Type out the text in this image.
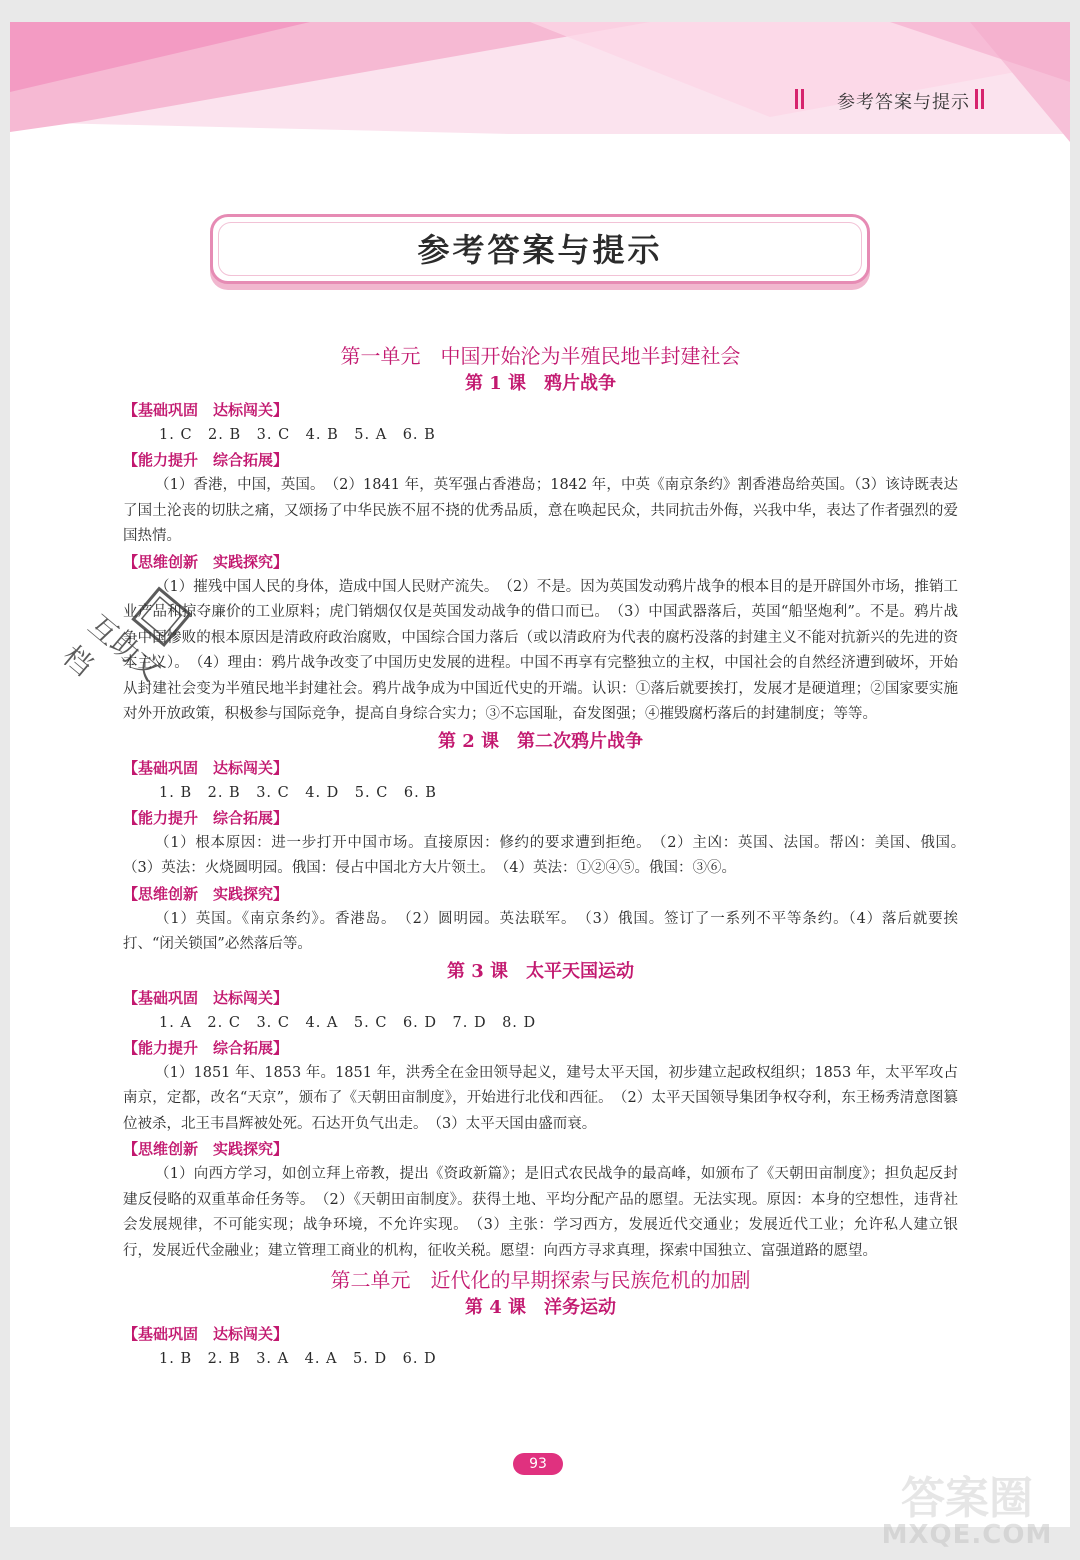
参考答案与提示
参考答案与提示
第一单元　中国开始沦为半殖民地半封建社会
第 1 课　鸦片战争
【基础巩固　达标闯关】
1. C　2. B　3. C　4. B　5. A　6. B
【能力提升　综合拓展】

（1）香港，中国，英国。　（2）1841 年，英军强占香港岛；1842 年，中英《南京条约》割香港岛给英国。（3）该诗既表达了国土沦丧的切肤之痛，又颂扬了中华民族不屈不挠的优秀品质，意在唤起民众，共同抗击外侮，兴我中华，表达了作者强烈的爱国热情。

【思维创新　实践探究】

（1）摧残中国人民的身体，造成中国人民财产流失。　（2）不是。因为英国发动鸦片战争的根本目的是开辟国外市场，推销工业产品和掠夺廉价的工业原料；虎门销烟仅仅是英国发动战争的借口而已。　（3）中国武器落后，英国“船坚炮利”。不是。鸦片战争中国惨败的根本原因是清政府政治腐败，中国综合国力落后（或以清政府为代表的腐朽没落的封建主义不能对抗新兴的先进的资本主义）。　（4）理由：鸦片战争改变了中国历史发展的进程。中国不再享有完整独立的主权，中国社会的自然经济遭到破坏，开始从封建社会变为半殖民地半封建社会。鸦片战争成为中国近代史的开端。认识：①落后就要挨打，发展才是硬道理；②国家要实施对外开放政策，积极参与国际竞争，提高自身综合实力；③不忘国耻，奋发图强；④摧毁腐朽落后的封建制度；等等。

第 2 课　第二次鸦片战争
【基础巩固　达标闯关】
1. B　2. B　3. C　4. D　5. C　6. B
【能力提升　综合拓展】

（1）根本原因：进一步打开中国市场。直接原因：修约的要求遭到拒绝。　（2）主凶：英国、法国。帮凶：美国、俄国。　（3）英法：火烧圆明园。俄国：侵占中国北方大片领土。　（4）英法：①②④⑤。俄国：③⑥。

【思维创新　实践探究】

（1）英国。《南京条约》。香港岛。　（2）圆明园。英法联军。　（3）俄国。签订了一系列不平等条约。（4）落后就要挨打、“闭关锁国”必然落后等。

第 3 课　太平天国运动
【基础巩固　达标闯关】
1. A　2. C　3. C　4. A　5. C　6. D　7. D　8. D
【能力提升　综合拓展】

（1）1851 年、1853 年。1851 年，洪秀全在金田领导起义，建号太平天国，初步建立起政权组织；1853 年，太平军攻占南京，定都，改名“天京”，颁布了《天朝田亩制度》，开始进行北伐和西征。　（2）太平天国领导集团争权夺利，东王杨秀清意图篡位被杀，北王韦昌辉被处死。石达开负气出走。　（3）太平天国由盛而衰。

【思维创新　实践探究】

（1）向西方学习，如创立拜上帝教，提出《资政新篇》；是旧式农民战争的最高峰，如颁布了《天朝田亩制度》；担负起反封建反侵略的双重革命任务等。　（2）《天朝田亩制度》。获得土地、平均分配产品的愿望。无法实现。原因：本身的空想性，违背社会发展规律，不可能实现；战争环境，不允许实现。　（3）主张：学习西方，发展近代交通业；发展近代工业；允许私人建立银行，发展近代金融业；建立管理工商业的机构，征收关税。愿望：向西方寻求真理，探索中国独立、富强道路的愿望。

第二单元　近代化的早期探索与民族危机的加剧
第 4 课　洋务运动
【基础巩固　达标闯关】
1. B　2. B　3. A　4. A　5. D　6. D
互助文档
93
答案圈
MXQE.COM
